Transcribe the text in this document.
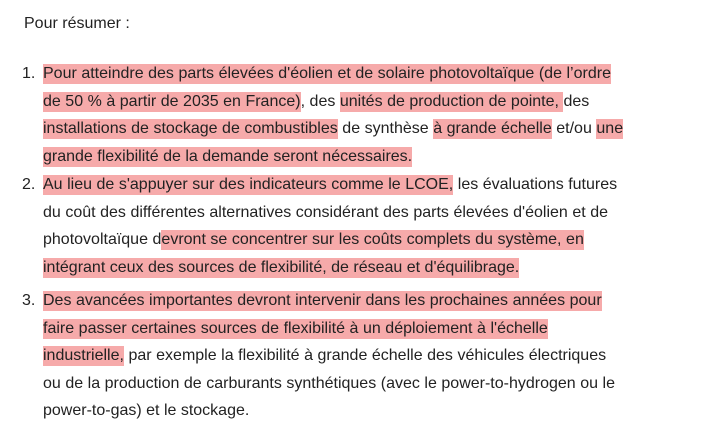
Pour résumer :
1. Pour atteindre des parts élevées d'éolien et de solaire photovoltaïque (de l’ordre
de 50 % à partir de 2035 en France), des unités de production de pointe, des
installations de stockage de combustibles de synthèse à grande échelle et/ou une
grande flexibilité de la demande seront nécessaires.
2. Au lieu de s'appuyer sur des indicateurs comme le LCOE, les évaluations futures
du coût des différentes alternatives considérant des parts élevées d'éolien et de
photovoltaïque devront se concentrer sur les coûts complets du système, en
intégrant ceux des sources de flexibilité, de réseau et d'équilibrage.
3. Des avancées importantes devront intervenir dans les prochaines années pour
faire passer certaines sources de flexibilité à un déploiement à l'échelle
industrielle, par exemple la flexibilité à grande échelle des véhicules électriques
ou de la production de carburants synthétiques (avec le power-to-hydrogen ou le
power-to-gas) et le stockage.
